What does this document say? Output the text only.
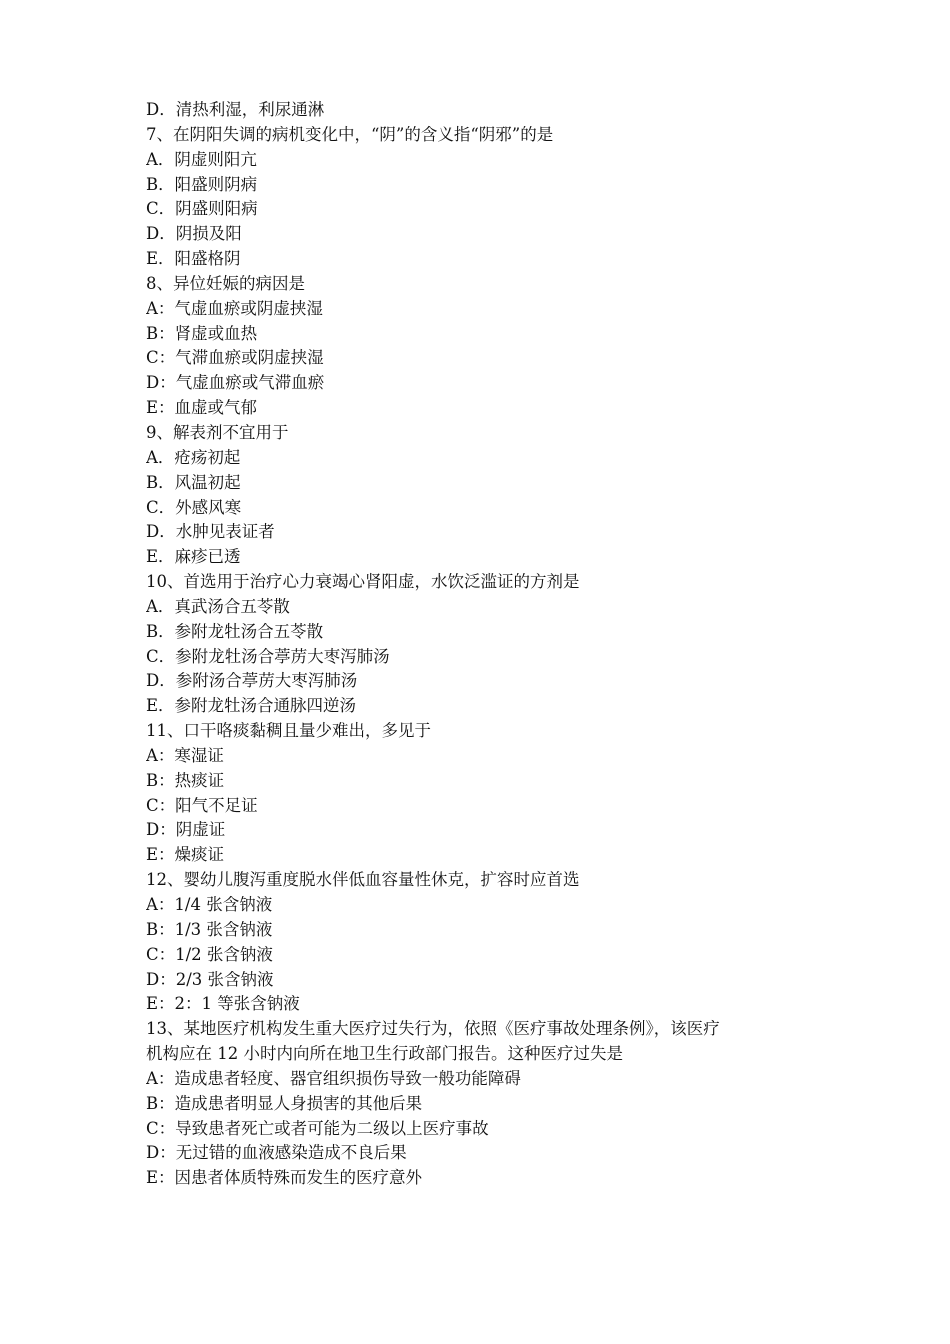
D．清热利湿，利尿通淋
7、在阴阳失调的病机变化中，“阴”的含义指“阴邪”的是
A．阴虚则阳亢
B．阳盛则阴病
C．阴盛则阳病
D．阴损及阳
E．阳盛格阴
8、异位妊娠的病因是
A：气虚血瘀或阴虚挟湿
B：肾虚或血热
C：气滞血瘀或阴虚挟湿
D：气虚血瘀或气滞血瘀
E：血虚或气郁
9、解表剂不宜用于
A．疮疡初起
B．风温初起
C．外感风寒
D．水肿见表证者
E．麻疹已透
10、首选用于治疗心力衰竭心肾阳虚，水饮泛滥证的方剂是
A．真武汤合五苓散
B．参附龙牡汤合五苓散
C．参附龙牡汤合葶苈大枣泻肺汤
D．参附汤合葶苈大枣泻肺汤
E．参附龙牡汤合通脉四逆汤
11、口干咯痰黏稠且量少难出，多见于
A：寒湿证
B：热痰证
C：阳气不足证
D：阴虚证
E：燥痰证
12、婴幼儿腹泻重度脱水伴低血容量性休克，扩容时应首选
A：1/4 张含钠液
B：1/3 张含钠液
C：1/2 张含钠液
D：2/3 张含钠液
E：2：1 等张含钠液
13、某地医疗机构发生重大医疗过失行为，依照《医疗事故处理条例》，该医疗
机构应在 12 小时内向所在地卫生行政部门报告。这种医疗过失是
A：造成患者轻度、器官组织损伤导致一般功能障碍
B：造成患者明显人身损害的其他后果
C：导致患者死亡或者可能为二级以上医疗事故
D：无过错的血液感染造成不良后果
E：因患者体质特殊而发生的医疗意外
